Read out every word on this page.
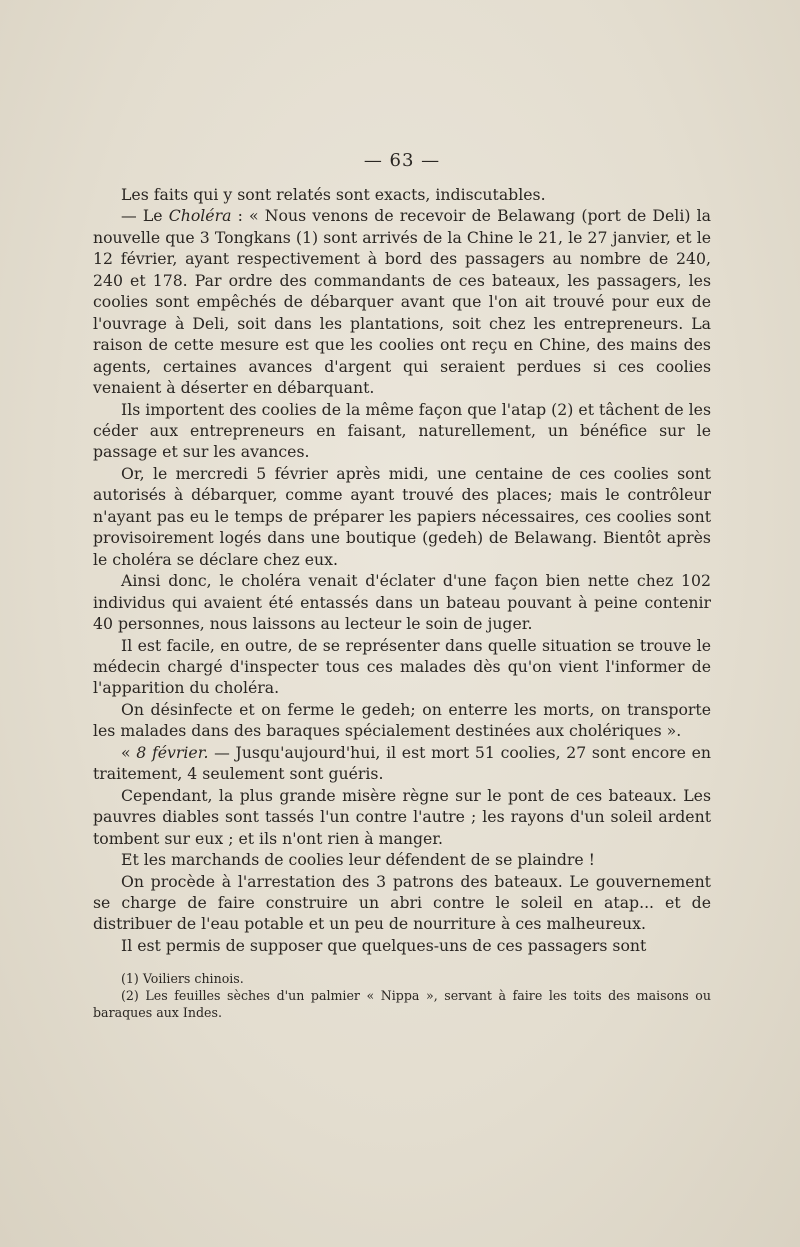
— 63 —

Les faits qui y sont relatés sont exacts, indiscutables.

— Le Choléra : « Nous venons de recevoir de Belawang (port de Deli) la nouvelle que 3 Tongkans (1) sont arrivés de la Chine le 21, le 27 janvier, et le 12 février, ayant respectivement à bord des passagers au nombre de 240, 240 et 178. Par ordre des commandants de ces bateaux, les passagers, les coolies sont empêchés de débarquer avant que l'on ait trouvé pour eux de l'ouvrage à Deli, soit dans les plantations, soit chez les entrepreneurs. La raison de cette mesure est que les coolies ont reçu en Chine, des mains des agents, certaines avances d'argent qui seraient perdues si ces coolies venaient à déserter en débarquant.

Ils importent des coolies de la même façon que l'atap (2) et tâchent de les céder aux entrepreneurs en faisant, naturellement, un bénéfice sur le passage et sur les avances.

Or, le mercredi 5 février après midi, une centaine de ces coolies sont autorisés à débarquer, comme ayant trouvé des places; mais le contrôleur n'ayant pas eu le temps de préparer les papiers nécessaires, ces coolies sont provisoirement logés dans une boutique (gedeh) de Belawang. Bientôt après le choléra se déclare chez eux.

Ainsi donc, le choléra venait d'éclater d'une façon bien nette chez 102 individus qui avaient été entassés dans un bateau pouvant à peine contenir 40 personnes, nous laissons au lecteur le soin de juger.

Il est facile, en outre, de se représenter dans quelle situation se trouve le médecin chargé d'inspecter tous ces malades dès qu'on vient l'informer de l'apparition du choléra.

On désinfecte et on ferme le gedeh; on enterre les morts, on transporte les malades dans des baraques spécialement destinées aux cholériques ».

« 8 février. — Jusqu'aujourd'hui, il est mort 51 coolies, 27 sont encore en traitement, 4 seulement sont guéris.

Cependant, la plus grande misère règne sur le pont de ces bateaux. Les pauvres diables sont tassés l'un contre l'autre ; les rayons d'un soleil ardent tombent sur eux ; et ils n'ont rien à manger.

Et les marchands de coolies leur défendent de se plaindre !

On procède à l'arrestation des 3 patrons des bateaux. Le gouvernement se charge de faire construire un abri contre le soleil en atap... et de distribuer de l'eau potable et un peu de nourriture à ces malheureux.

Il est permis de supposer que quelques-uns de ces passagers sont

(1) Voiliers chinois.

(2) Les feuilles sèches d'un palmier « Nippa », servant à faire les toits des maisons ou baraques aux Indes.
